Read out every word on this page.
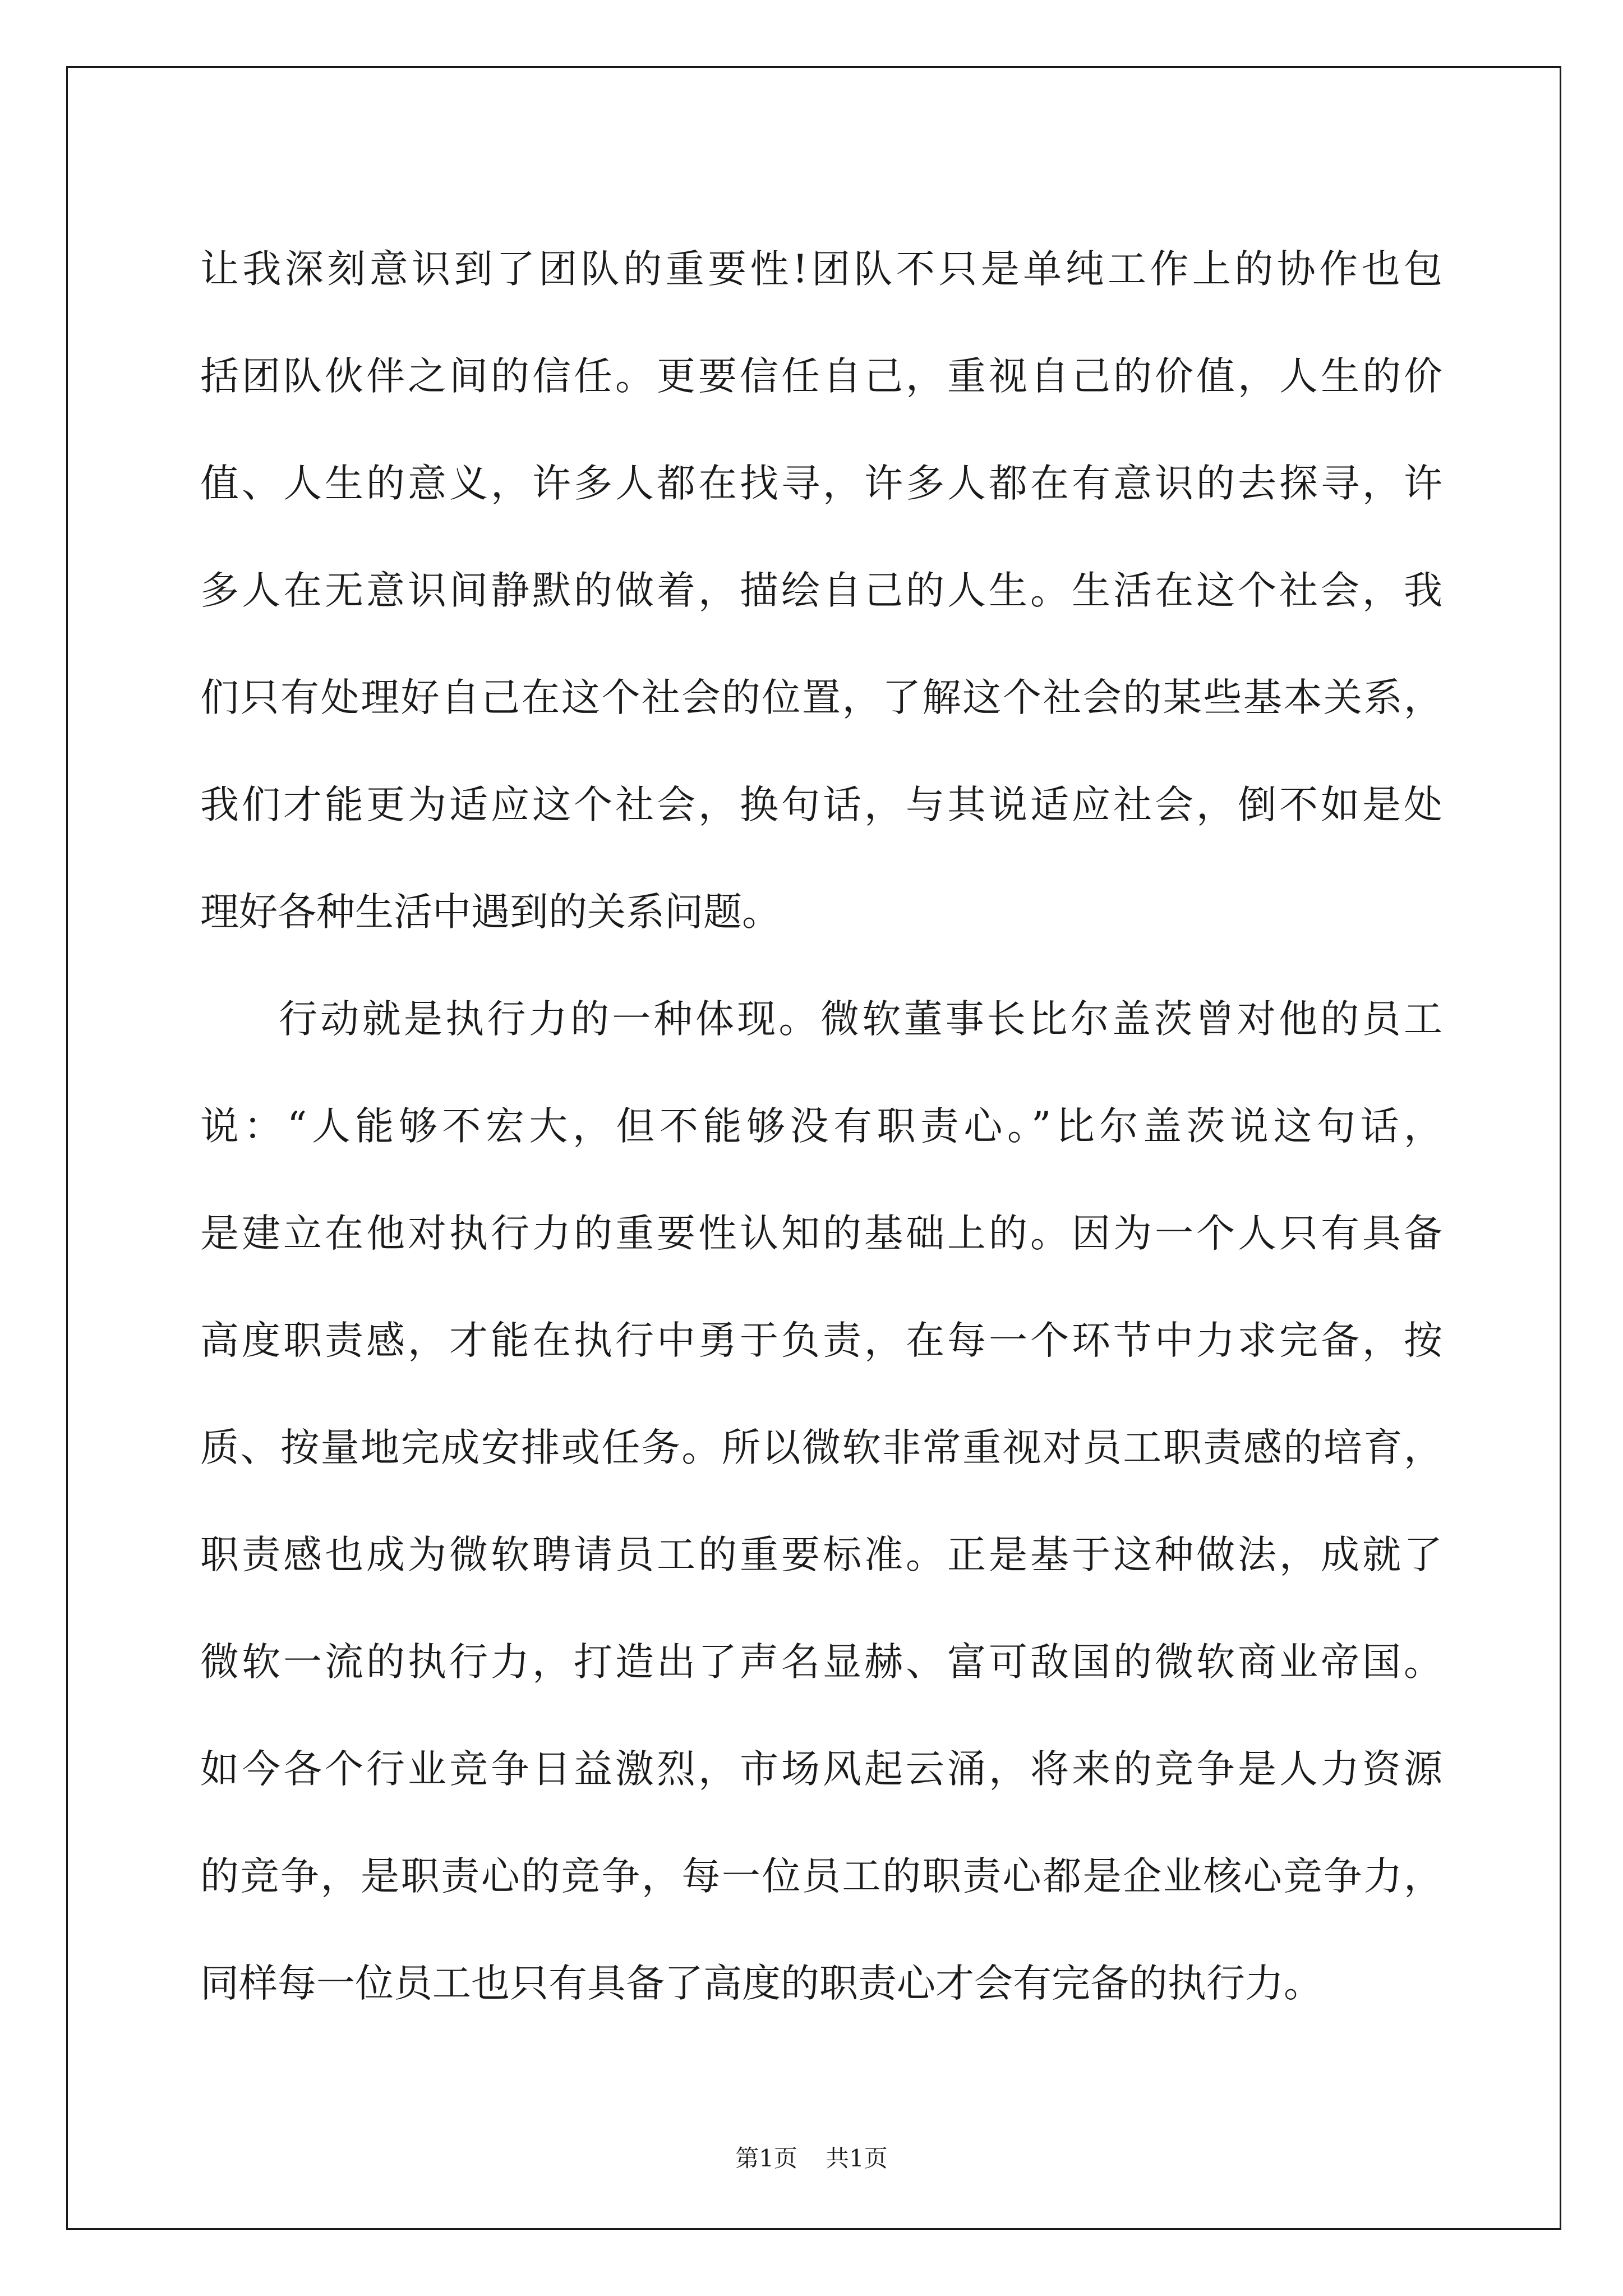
让我深刻意识到了团队的重要性!团队不只是单纯工作上的协作也包
括团队伙伴之间的信任。更要信任自己，重视自己的价值，人生的价
值、人生的意义，许多人都在找寻，许多人都在有意识的去探寻，许
多人在无意识间静默的做着，描绘自己的人生。生活在这个社会，我
们只有处理好自己在这个社会的位置，了解这个社会的某些基本关系，
我们才能更为适应这个社会，换句话，与其说适应社会，倒不如是处
理好各种生活中遇到的关系问题。
行动就是执行力的一种体现。微软董事长比尔盖茨曾对他的员工
说：“人能够不宏大，但不能够没有职责心。”比尔盖茨说这句话，
是建立在他对执行力的重要性认知的基础上的。因为一个人只有具备
高度职责感，才能在执行中勇于负责，在每一个环节中力求完备，按
质、按量地完成安排或任务。所以微软非常重视对员工职责感的培育，
职责感也成为微软聘请员工的重要标准。正是基于这种做法，成就了
微软一流的执行力，打造出了声名显赫、富可敌国的微软商业帝国。
如今各个行业竞争日益激烈，市场风起云涌，将来的竞争是人力资源
的竞争，是职责心的竞争，每一位员工的职责心都是企业核心竞争力，
同样每一位员工也只有具备了高度的职责心才会有完备的执行力。
第1页 共1页
